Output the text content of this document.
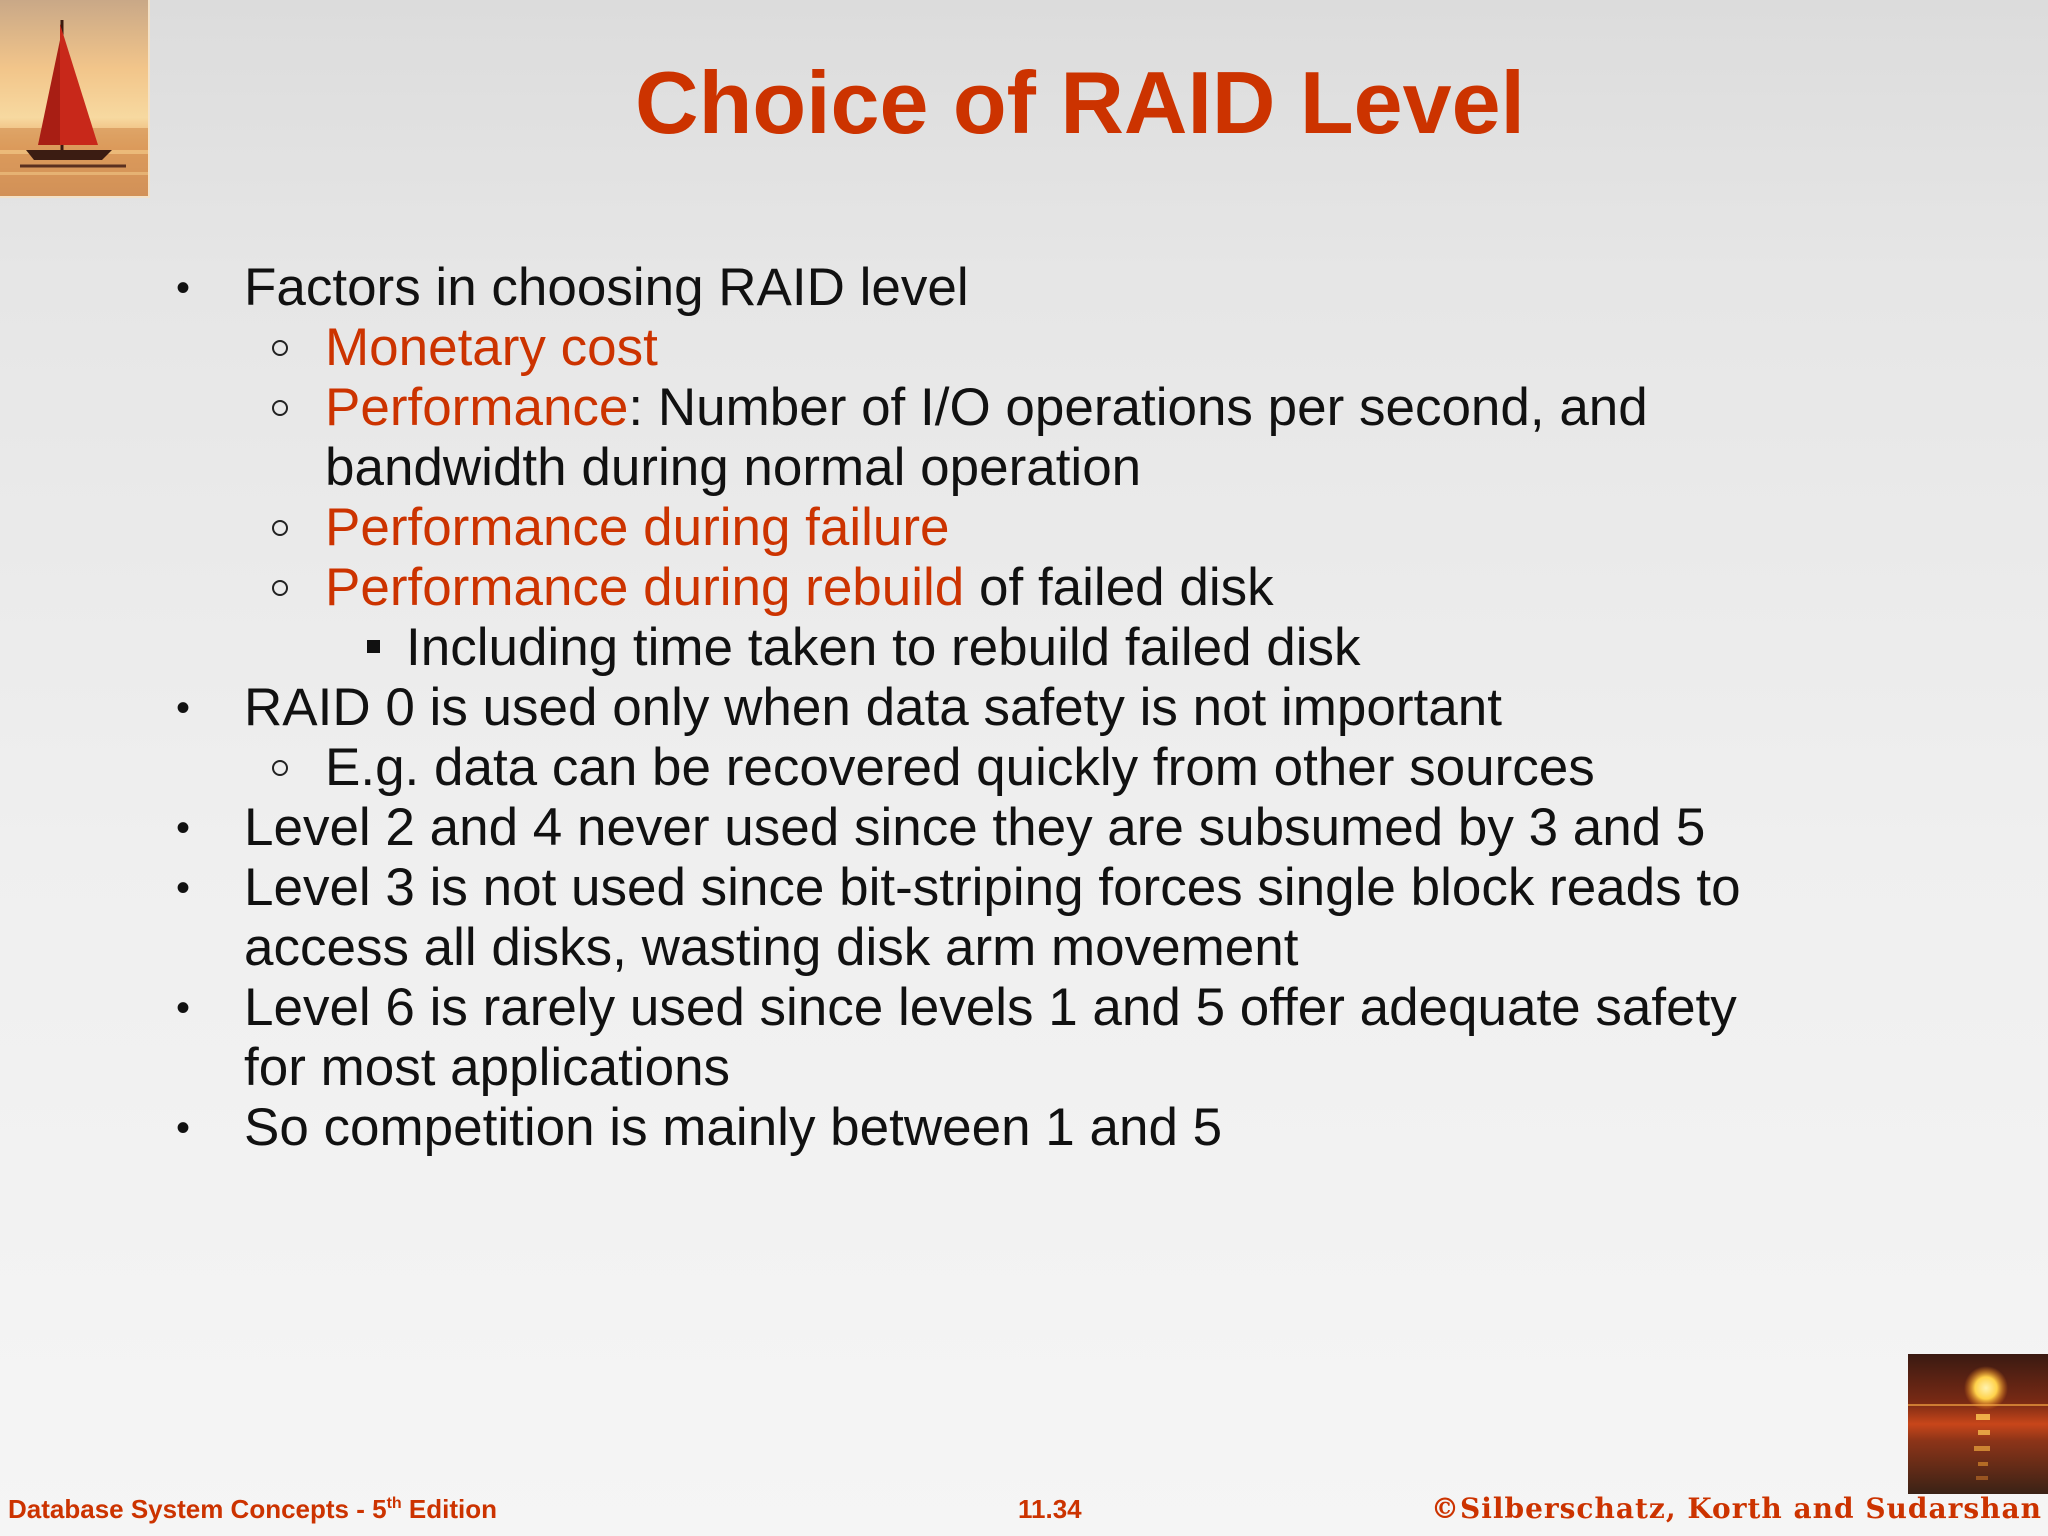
Choice of RAID Level
• Factors in choosing RAID level
Monetary cost
Performance: Number of I/O operations per second, and
bandwidth during normal operation
Performance during failure
Performance during rebuild of failed disk
Including time taken to rebuild failed disk
• RAID 0 is used only when data safety is not important
E.g. data can be recovered quickly from other sources
• Level 2 and 4 never used since they are subsumed by 3 and 5
• Level 3 is not used since bit-striping forces single block reads to
access all disks, wasting disk arm movement
• Level 6 is rarely used since levels 1 and 5 offer adequate safety
for most applications
• So competition is mainly between 1 and 5
Database System Concepts - 5th Edition	11.34	©Silberschatz, Korth and Sudarshan
